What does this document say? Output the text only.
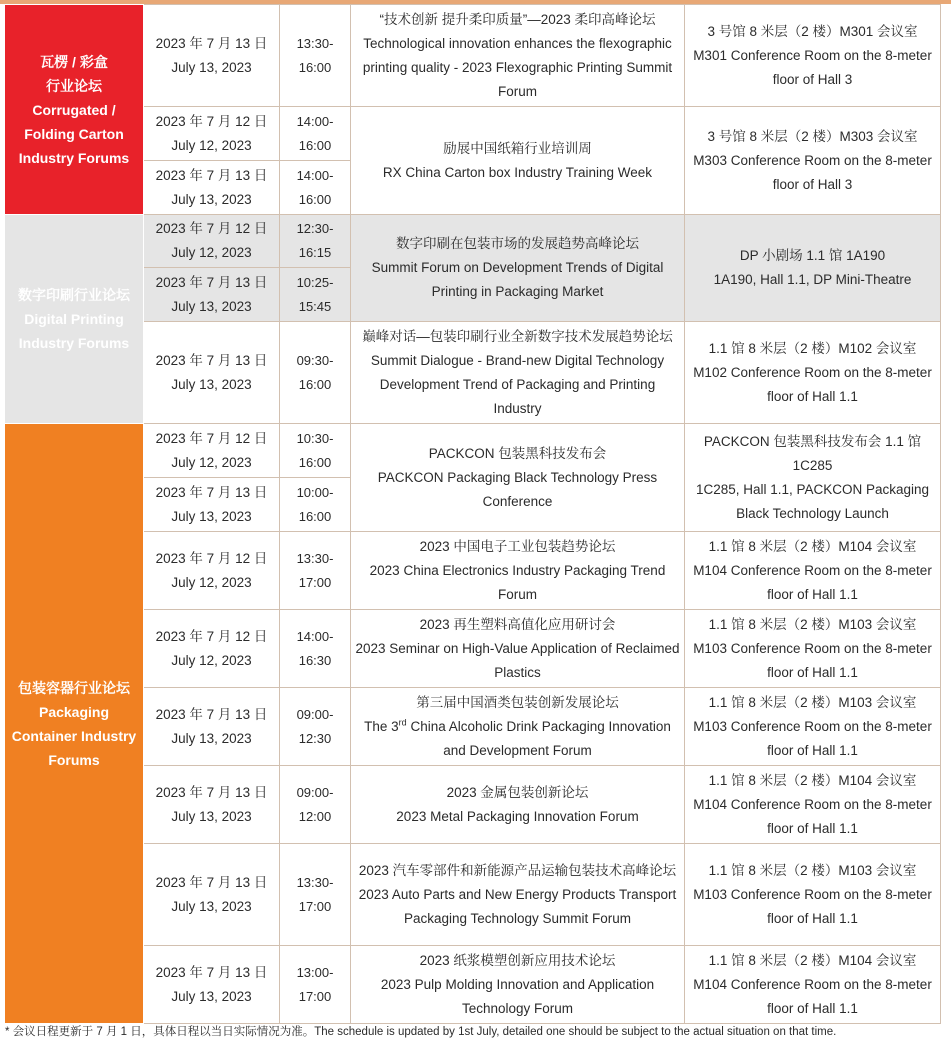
瓦楞 / 彩盒
行业论坛
Corrugated / Folding Carton Industry Forums	2023 年 7 月 13 日
July 13, 2023	13:30-16:00	“技术创新 提升柔印质量”—2023 柔印高峰论坛
Technological innovation enhances the flexographic printing quality - 2023 Flexographic Printing Summit Forum	3 号馆 8 米层（2 楼）M301 会议室
M301 Conference Room on the 8-meter floor of Hall 3

	2023 年 7 月 12 日
July 12, 2023	14:00-16:00	励展中国纸箱行业培训周
RX China Carton box Industry Training Week	3 号馆 8 米层（2 楼）M303 会议室
M303 Conference Room on the 8-meter floor of Hall 3

	2023 年 7 月 13 日
July 13, 2023	14:00-16:00		

数字印刷行业论坛
Digital Printing Industry Forums	2023 年 7 月 12 日
July 12, 2023	12:30-16:15	数字印刷在包装市场的发展趋势高峰论坛
Summit Forum on Development Trends of Digital Printing in Packaging Market	DP 小剧场 1.1 馆 1A190
1A190, Hall 1.1, DP Mini-Theatre

	2023 年 7 月 13 日
July 13, 2023	10:25-15:45		

	2023 年 7 月 13 日
July 13, 2023	09:30-16:00	巅峰对话—包装印刷行业全新数字技术发展趋势论坛
Summit Dialogue - Brand-new Digital Technology Development Trend of Packaging and Printing Industry	1.1 馆 8 米层（2 楼）M102 会议室
M102 Conference Room on the 8-meter floor of Hall 1.1

包装容器行业论坛
Packaging Container Industry Forums	2023 年 7 月 12 日
July 12, 2023	10:30-16:00	PACKCON 包装黑科技发布会
PACKCON Packaging Black Technology Press Conference	PACKCON 包装黑科技发布会 1.1 馆 1C285
1C285, Hall 1.1, PACKCON Packaging Black Technology Launch

	2023 年 7 月 13 日
July 13, 2023	10:00-16:00		

	2023 年 7 月 12 日
July 12, 2023	13:30-17:00	2023 中国电子工业包装趋势论坛
2023 China Electronics Industry Packaging Trend Forum	1.1 馆 8 米层（2 楼）M104 会议室
M104 Conference Room on the 8-meter floor of Hall 1.1

	2023 年 7 月 12 日
July 12, 2023	14:00-16:30	2023 再生塑料高值化应用研讨会
2023 Seminar on High-Value Application of Reclaimed Plastics	1.1 馆 8 米层（2 楼）M103 会议室
M103 Conference Room on the 8-meter floor of Hall 1.1

	2023 年 7 月 13 日
July 13, 2023	09:00-12:30	第三届中国酒类包装创新发展论坛
The 3rd China Alcoholic Drink Packaging Innovation and Development Forum	1.1 馆 8 米层（2 楼）M103 会议室
M103 Conference Room on the 8-meter floor of Hall 1.1

	2023 年 7 月 13 日
July 13, 2023	09:00-12:00	2023 金属包装创新论坛
2023 Metal Packaging Innovation Forum	1.1 馆 8 米层（2 楼）M104 会议室
M104 Conference Room on the 8-meter floor of Hall 1.1

	2023 年 7 月 13 日
July 13, 2023	13:30-17:00	2023 汽车零部件和新能源产品运输包装技术高峰论坛
2023 Auto Parts and New Energy Products Transport Packaging Technology Summit Forum	1.1 馆 8 米层（2 楼）M103 会议室
M103 Conference Room on the 8-meter floor of Hall 1.1

	2023 年 7 月 13 日
July 13, 2023	13:00-17:00	2023 纸浆模塑创新应用技术论坛
2023 Pulp Molding Innovation and Application Technology Forum	1.1 馆 8 米层（2 楼）M104 会议室
M104 Conference Room on the 8-meter floor of Hall 1.1
* 会议日程更新于 7 月 1 日，具体日程以当日实际情况为准。The schedule is updated by 1st July, detailed one should be subject to the actual situation on that time.
